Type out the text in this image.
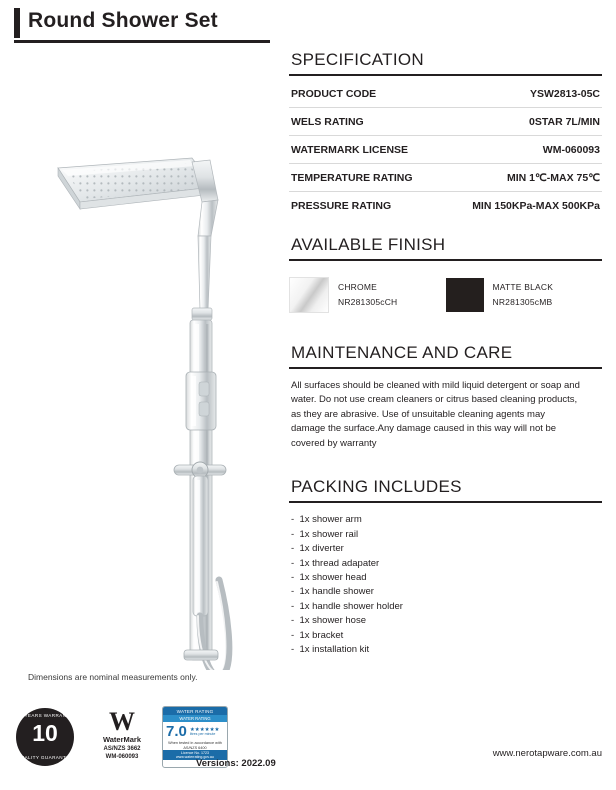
Round Shower Set
Dimensions are nominal measurements only.
SPECIFICATION
PRODUCT CODE	YSW2813-05C
WELS RATING	0STAR 7L/MIN
WATERMARK LICENSE	WM-060093
TEMPERATURE RATING	MIN 1℃-MAX 75℃
PRESSURE RATING	MIN 150KPa-MAX 500KPa
AVAILABLE FINISH
CHROME
NR281305cCH
MATTE BLACK
NR281305cMB
MAINTENANCE AND CARE

All surfaces should be cleaned with mild liquid detergent or soap and water. Do not use cream cleaners or citrus based cleaning products, as they are abrasive. Use of unsuitable cleaning agents may damage the surface.Any damage caused in this way will not be covered by warranty

PACKING INCLUDES
- 1x shower arm
- 1x shower rail
- 1x diverter
- 1x thread adapater
- 1x shower head
- 1x handle shower
- 1x handle shower holder
- 1x shower hose
- 1x bracket
- 1x installation kit
10 YEARS WARRANTY
10
QUALITY GUARANTEE
W
WaterMark
AS/NZS 3662
WM-060093
WATER RATING
WATER RATING
7.0 ★★★★★★
litres per minute
When tested in accordance with AS/NZS 6400
Licence No. 1723 www.waterrating.gov.au
Versions: 2022.09
www.nerotapware.com.au
